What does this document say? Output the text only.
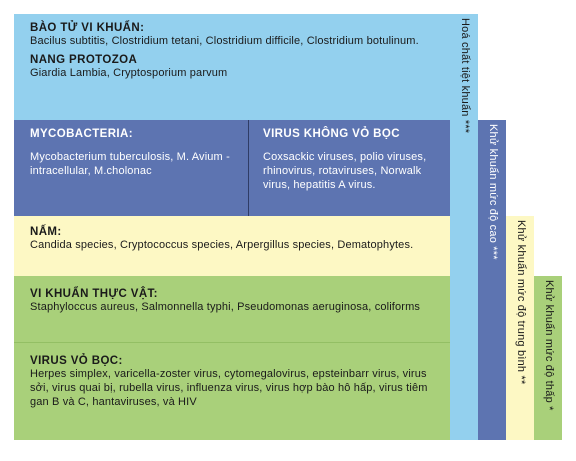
BÀO TỬ VI KHUẨN:
Bacilus subtitis, Clostridium tetani, Clostridium difficile, Clostridium botulinum.
NANG PROTOZOA
Giardia Lambia, Cryptosporium parvum
MYCOBACTERIA:
Mycobacterium tuberculosis, M. Avium - intracellular, M.cholonac
VIRUS KHÔNG VỎ BỌC
Coxsackic viruses, polio viruses, rhinovirus, rotaviruses, Norwalk virus, hepatitis A virus.
NẤM:
Candida species, Cryptococcus species, Arpergillus species, Dematophytes.
VI KHUẨN THỰC VẬT:
Staphyloccus aureus, Salmonnella typhi, Pseudomonas aeruginosa, coliforms
VIRUS VỎ BỌC:
Herpes simplex, varicella-zoster virus, cytomegalovirus, epsteinbarr virus, virus sởi, virus quai bị, rubella virus, influenza virus, virus hợp bào hô hấp, virus tiêm gan B và C, hantaviruses, và HIV
Hoá chất tiệt khuẩn ***
Khử khuẩn mức độ cao ***
Khử khuẩn mức độ trung bình ** Khử khuẩn mức độ thấp *
